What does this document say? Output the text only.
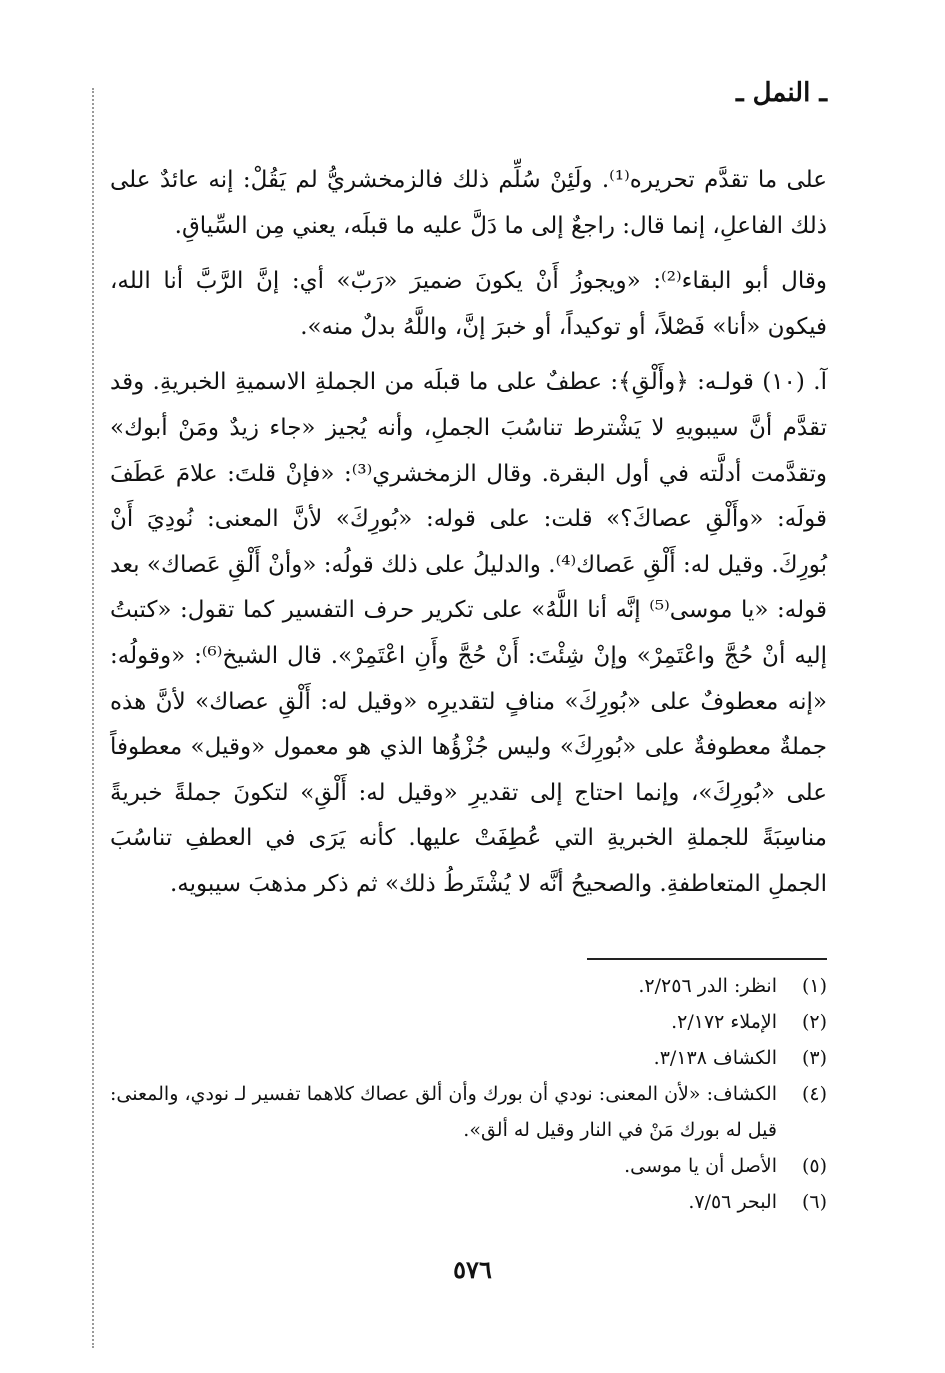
ـ النمل ـ

على ما تقدَّم تحريره⁽¹⁾. ولَئِنْ سُلِّم ذلك فالزمخشريُّ لم يَقُلْ: إنه عائدٌ على ذلك الفاعلِ، إنما قال: راجعٌ إلى ما دَلَّ عليه ما قبلَه، يعني مِن السِّياقِ.

وقال أبو البقاء⁽²⁾: «ويجوزُ أَنْ يكونَ ضميرَ «رَبّ» أي: إنَّ الرَّبَّ أنا الله، فيكون «أنا» فَصْلاً، أو توكيداً، أو خبرَ إنَّ، واللَّهُ بدلٌ منه».

آ. (١٠) قولـه: ﴿وأَلْقِ﴾: عطفٌ على ما قبلَه من الجملةِ الاسميةِ الخبريةِ. وقد تقدَّم أنَّ سيبويهِ لا يَشْترط تناسُبَ الجملِ، وأنه يُجيز «جاء زيدٌ ومَنْ أبوك» وتقدَّمت أدلَّته في أول البقرة. وقال الزمخشري⁽³⁾: «فإنْ قلتَ: علامَ عَطَفَ قولَه: «وأَلْقِ عصاكَ؟» قلت: على قوله: «بُورِكَ» لأنَّ المعنى: نُودِيَ أَنْ بُورِكَ. وقيل له: أَلْقِ عَصاك⁽⁴⁾. والدليلُ على ذلك قولُه: «وأنْ أَلْقِ عَصاك» بعد قوله: «يا موسى⁽⁵⁾ إنَّه أنا اللَّهُ» على تكرير حرف التفسير كما تقول: «كتبتُ إليه أنْ حُجَّ واعْتَمِرْ» وإنْ شِئْتَ: أَنْ حُجَّ وأَنِ اعْتَمِرْ». قال الشيخ⁽⁶⁾: «وقولُه: «إنه معطوفٌ على «بُورِكَ» منافٍ لتقديرِه «وقيل له: أَلْقِ عصاك» لأنَّ هذه جملةٌ معطوفةٌ على «بُورِكَ» وليس جُزْؤُها الذي هو معمول «وقيل» معطوفاً على «بُورِكَ»، وإنما احتاج إلى تقديرِ «وقيل له: أَلْقِ» لتكونَ جملةً خبريةً مناسِبَةً للجملةِ الخبريةِ التي عُطِفَتْ عليها. كأنه يَرَى في العطفِ تناسُبَ الجملِ المتعاطفةِ. والصحيحُ أنَّه لا يُشْتَرطُ ذلك» ثم ذكر مذهبَ سيبويه.

(١)
انظر: الدر ٢/٢٥٦.
(٢)
الإملاء ٢/١٧٢.
(٣)
الكشاف ٣/١٣٨.
(٤)
الكشاف: «لأن المعنى: نودي أن بورك وأن ألق عصاك كلاهما تفسير لـ نودي، والمعنى: قيل له بورك مَنْ في النار وقيل له ألق».
(٥)
الأصل أن يا موسى.
(٦)
البحر ٧/٥٦.
٥٧٦
